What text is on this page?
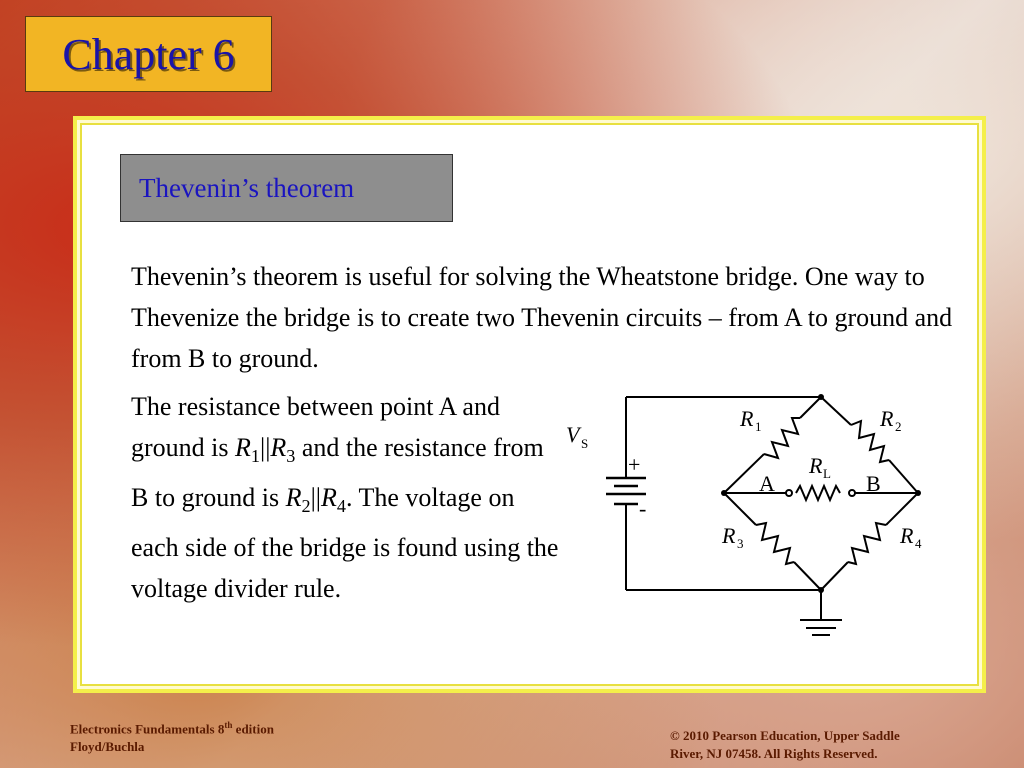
Chapter 6
Thevenin’s theorem
Thevenin’s theorem is useful for solving the Wheatstone bridge. One way to Thevenize the bridge is to create two Thevenin circuits – from A to ground and from B to ground.
The resistance between point A and ground is $R_1||R_3$ and the resistance from B to ground is $R_2||R_4$. The voltage on each side of the bridge is found using the voltage divider rule.
V S
+
-
R 1	R 2
R 3	R 4
R L
A	B
Electronics Fundamentals 8th edition
Floyd/Buchla
© 2010 Pearson Education, Upper Saddle
River, NJ 07458. All Rights Reserved.
